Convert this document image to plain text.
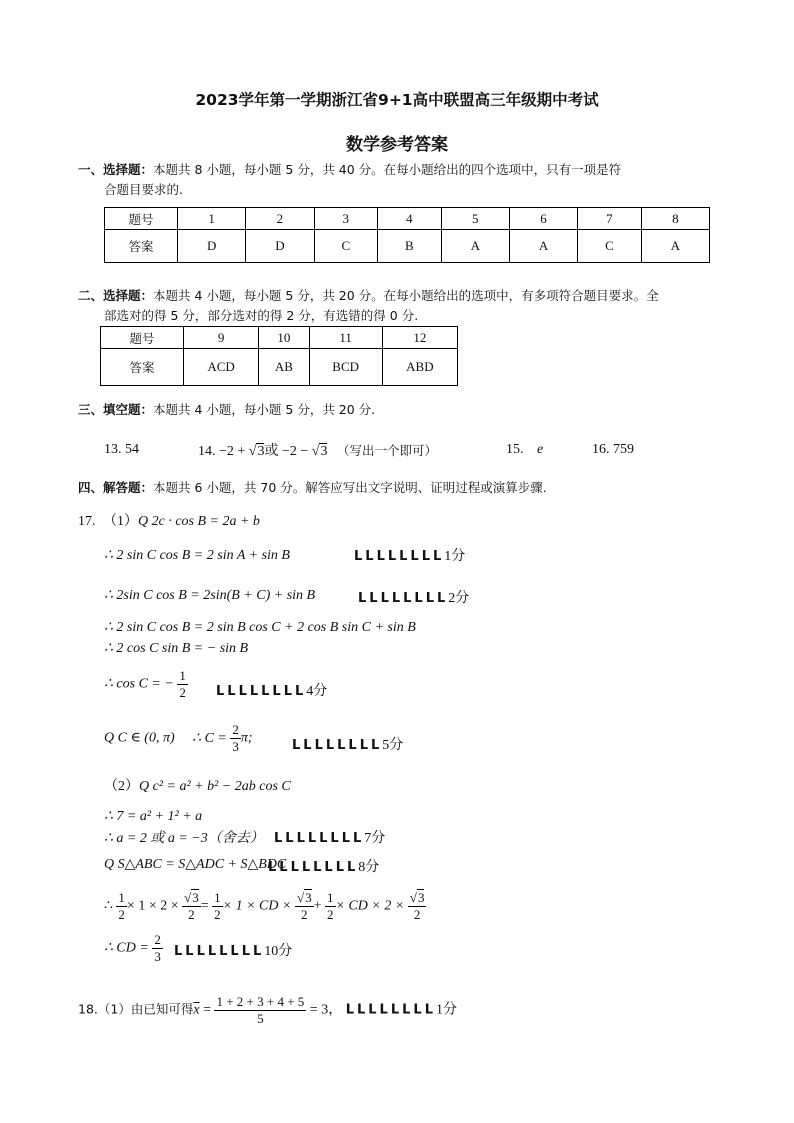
2023学年第一学期浙江省9+1高中联盟高三年级期中考试
数学参考答案
一、选择题：本题共 8 小题，每小题 5 分，共 40 分。在每小题给出的四个选项中，只有一项是符
合题目要求的.
题号	1	2	3	4	5	6	7	8
答案	D	D	C	B	A	A	C	A
二、选择题：本题共 4 小题，每小题 5 分，共 20 分。在每小题给出的选项中，有多项符合题目要求。全
部选对的得 5 分，部分选对的得 2 分，有选错的得 0 分.
题号	9	10	11	12
答案	ACD	AB	BCD	ABD
三、填空题：本题共 4 小题，每小题 5 分，共 20 分.
13. 54	14. −2 + √3或 −2 − √3 （写出一个即可）	15. e	16. 759
四、解答题：本题共 6 小题，共 70 分。解答应写出文字说明、证明过程或演算步骤.
17. （1）Q 2c · cos B = 2a + b
∴ 2 sin C cos B = 2 sin A + sin B	LLLLLLLL1分
∴ 2sin C cos B = 2sin(B + C) + sin B	LLLLLLLL2分
∴ 2 sin C cos B = 2 sin B cos C + 2 cos B sin C + sin B
∴ 2 cos C sin B = − sin B
∴ cos C = − $\frac{1}{2}$ LLLLLLLL4分
Q C ∈ (0, π) ∴ $C = \frac{2}{3} \pi$;	LLLLLLLL5分
（2）Q c² = a² + b² − 2ab cos C
∴ 7 = a² + 1² + a
∴ a = 2 或 a = −3（舍去） LLLLLLLL7分
Q S△ABC = S△ADC + S△BDC
LLLLLLLL8分
∴ $\frac{1}{2} \times 1 \times 2 \times \frac{√3}{2} = \frac{1}{2} \times 1$ × CD × $\frac{√3}{2} + \frac{1}{2}$ × CD × $2 \times \frac{√3}{2}$
∴ CD = $\frac{2}{3}$ LLLLLLLL10分
18.（1）由已知可得$\overline{x} = \frac{1 + 2 + 3 + 4 + 5}{5} = 3$， LLLLLLLL1分
